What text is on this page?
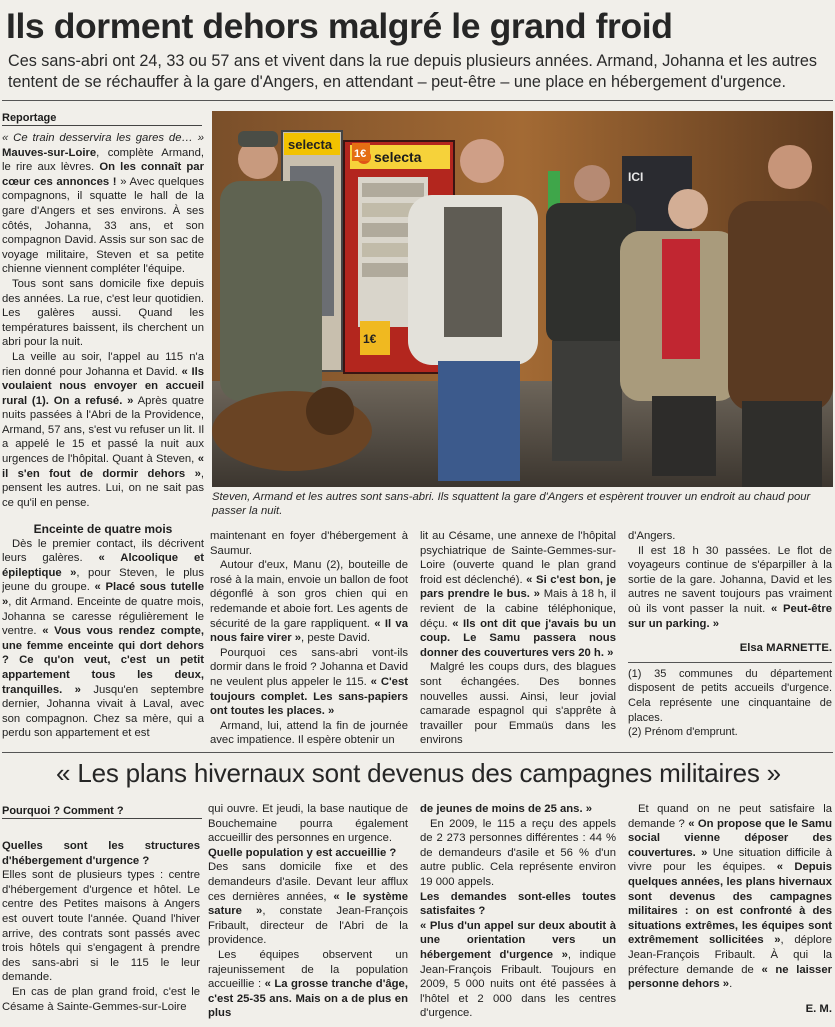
Ils dorment dehors malgré le grand froid
Ces sans-abri ont 24, 33 ou 57 ans et vivent dans la rue depuis plusieurs années. Armand, Johanna et les autres tentent de se réchauffer à la gare d'Angers, en attendant – peut-être – une place en hébergement d'urgence.
Reportage

« Ce train desservira les gares de… » Mauves-sur-Loire, complète Armand, le rire aux lèvres. On les connaît par cœur ces annonces ! » Avec quelques compagnons, il squatte le hall de la gare d'Angers et ses environs. À ses côtés, Johanna, 33 ans, et son compagnon David. Assis sur son sac de voyage militaire, Steven et sa petite chienne viennent compléter l'équipe.

Tous sont sans domicile fixe depuis des années. La rue, c'est leur quotidien. Les galères aussi. Quand les températures baissent, ils cherchent un abri pour la nuit.

La veille au soir, l'appel au 115 n'a rien donné pour Johanna et David. « Ils voulaient nous envoyer en accueil rural (1). On a refusé. » Après quatre nuits passées à l'Abri de la Providence, Armand, 57 ans, s'est vu refuser un lit. Il a appelé le 15 et passé la nuit aux urgences de l'hôpital. Quant à Steven, « il s'en fout de dormir dehors », pensent les autres. Lui, on ne sait pas ce qu'il en pense.

Enceinte de quatre mois

Dès le premier contact, ils décrivent leurs galères. « Alcoolique et épileptique », pour Steven, le plus jeune du groupe. « Placé sous tutelle », dit Armand. Enceinte de quatre mois, Johanna se caresse régulièrement le ventre. « Vous vous rendez compte, une femme enceinte qui dort dehors ? Ce qu'on veut, c'est un petit appartement tous les deux, tranquilles. » Jusqu'en septembre dernier, Johanna vivait à Laval, avec son compagnon. Chez sa mère, qui a perdu son appartement et est

selecta
selecta
1€
1€
ICI
Steven, Armand et les autres sont sans-abri. Ils squattent la gare d'Angers et espèrent trouver un endroit au chaud pour passer la nuit.

maintenant en foyer d'hébergement à Saumur.

Autour d'eux, Manu (2), bouteille de rosé à la main, envoie un ballon de foot dégonflé à son gros chien qui en redemande et aboie fort. Les agents de sécurité de la gare rappliquent. « Il va nous faire virer », peste David.

Pourquoi ces sans-abri vont-ils dormir dans le froid ? Johanna et David ne veulent plus appeler le 115. « C'est toujours complet. Les sans-papiers ont toutes les places. »

Armand, lui, attend la fin de journée avec impatience. Il espère obtenir un

lit au Césame, une annexe de l'hôpital psychiatrique de Sainte-Gemmes-sur-Loire (ouverte quand le plan grand froid est déclenché). « Si c'est bon, je pars prendre le bus. » Mais à 18 h, il revient de la cabine téléphonique, déçu. « Ils ont dit que j'avais bu un coup. Le Samu passera nous donner des couvertures vers 20 h. »

Malgré les coups durs, des blagues sont échangées. Des bonnes nouvelles aussi. Ainsi, leur jovial camarade espagnol qui s'apprête à travailler pour Emmaüs dans les environs

d'Angers.

Il est 18 h 30 passées. Le flot de voyageurs continue de s'éparpiller à la sortie de la gare. Johanna, David et les autres ne savent toujours pas vraiment où ils vont passer la nuit. « Peut-être sur un parking. »

Elsa MARNETTE.

(1) 35 communes du département disposent de petits accueils d'urgence. Cela représente une cinquantaine de places.

(2) Prénom d'emprunt.

« Les plans hivernaux sont devenus des campagnes militaires »
Pourquoi ? Comment ?

Quelles sont les structures d'hébergement d'urgence ?

Elles sont de plusieurs types : centre d'hébergement d'urgence et hôtel. Le centre des Petites maisons à Angers est ouvert toute l'année. Quand l'hiver arrive, des contrats sont passés avec trois hôtels qui s'engagent à prendre des sans-abri si le 115 le leur demande.

En cas de plan grand froid, c'est le Césame à Sainte-Gemmes-sur-Loire

qui ouvre. Et jeudi, la base nautique de Bouchemaine pourra également accueillir des personnes en urgence.

Quelle population y est accueillie ?

Des sans domicile fixe et des demandeurs d'asile. Devant leur afflux ces dernières années, « le système sature », constate Jean-François Fribault, directeur de l'Abri de la providence.

Les équipes observent un rajeunissement de la population accueillie : « La grosse tranche d'âge, c'est 25-35 ans. Mais on a de plus en plus

de jeunes de moins de 25 ans. »

En 2009, le 115 a reçu des appels de 2 273 personnes différentes : 44 % de demandeurs d'asile et 56 % d'un autre public. Cela représente environ 19 000 appels.

Les demandes sont-elles toutes satisfaites ?

« Plus d'un appel sur deux aboutit à une orientation vers un hébergement d'urgence », indique Jean-François Fribault. Toujours en 2009, 5 000 nuits ont été passées à l'hôtel et 2 000 dans les centres d'urgence.

Et quand on ne peut satisfaire la demande ? « On propose que le Samu social vienne déposer des couvertures. » Une situation difficile à vivre pour les équipes. « Depuis quelques années, les plans hivernaux sont devenus des campagnes militaires : on est confronté à des situations extrêmes, les équipes sont extrêmement sollicitées », déplore Jean-François Fribault. À qui la préfecture demande de « ne laisser personne dehors ».

E. M.
